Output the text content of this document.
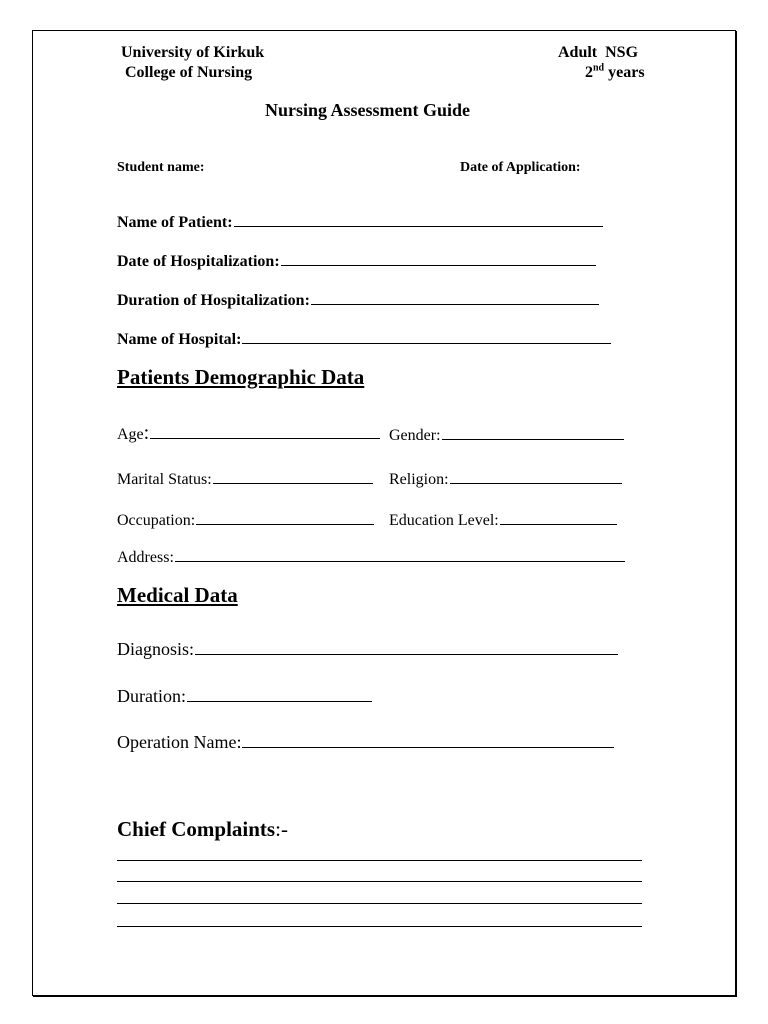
University of Kirkuk
College of Nursing
Adult  NSG
2nd years
Nursing Assessment Guide
Student name:	Date of Application:
Name of Patient:
Date of Hospitalization:
Duration of Hospitalization:
Name of Hospital:
Patients Demographic Data
Age:	Gender:
Marital Status:	Religion:
Occupation:	Education Level:
Address:
Medical Data
Diagnosis:
Duration:
Operation Name:
Chief Complaints:-
